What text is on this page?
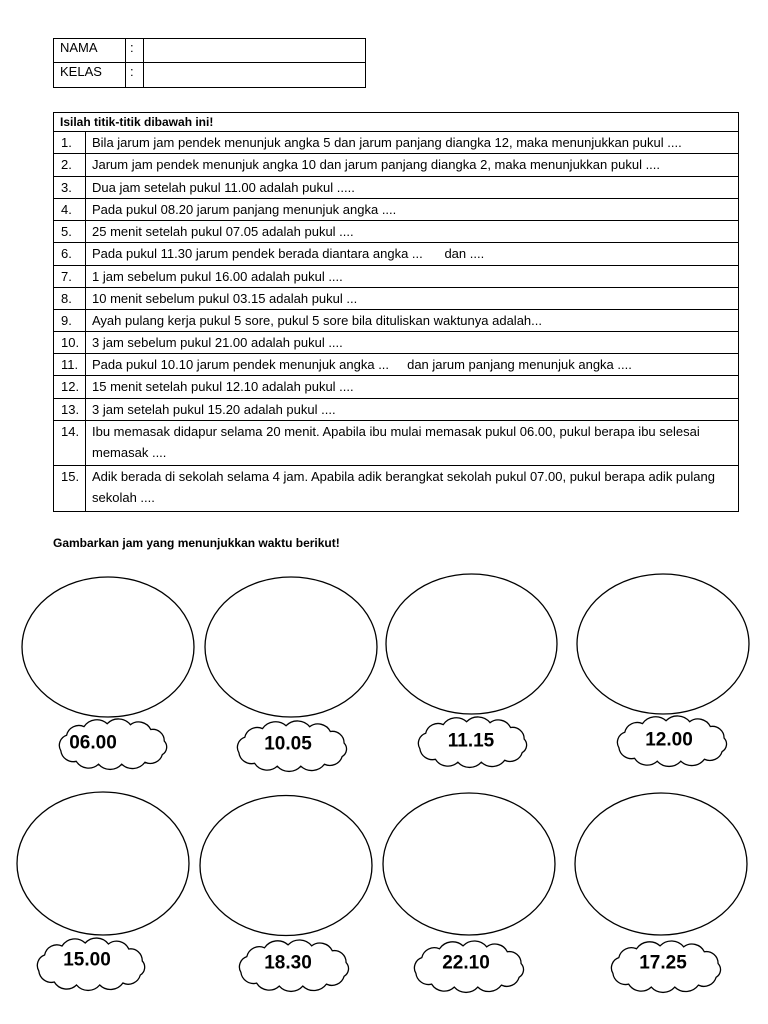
NAMA	:
KELAS	:
Isilah titik-titik dibawah ini!
1.	Bila jarum jam pendek menunjuk angka 5 dan jarum panjang diangka 12, maka menunjukkan pukul ....
2.	Jarum jam pendek menunjuk angka 10 dan jarum panjang diangka 2, maka menunjukkan pukul ....
3.	Dua jam setelah pukul 11.00 adalah pukul .....
4.	Pada pukul 08.20 jarum panjang menunjuk angka ....
5.	25 menit setelah pukul 07.05 adalah pukul ....
6.	Pada pukul 11.30 jarum pendek berada diantara angka ...      dan ....
7.	1 jam sebelum pukul 16.00 adalah pukul ....
8.	10 menit sebelum pukul 03.15 adalah pukul ...
9.	Ayah pulang kerja pukul 5 sore, pukul 5 sore bila dituliskan waktunya adalah...
10. 3 jam sebelum pukul 21.00 adalah pukul ....
11.	Pada pukul 10.10 jarum pendek menunjuk angka ...     dan jarum panjang menunjuk angka ....
12. 15 menit setelah pukul 12.10 adalah pukul ....
13. 3 jam setelah pukul 15.20 adalah pukul ....
14. Ibu memasak didapur selama 20 menit. Apabila ibu mulai memasak pukul 06.00, pukul berapa ibu selesai
memasak ....
15. Adik berada di sekolah selama 4 jam. Apabila adik berangkat sekolah pukul 07.00, pukul berapa adik pulang
sekolah ....
Gambarkan jam yang menunjukkan waktu berikut!
06.00	10.05	11.15	12.00
15.00	18.30	22.10	17.25
